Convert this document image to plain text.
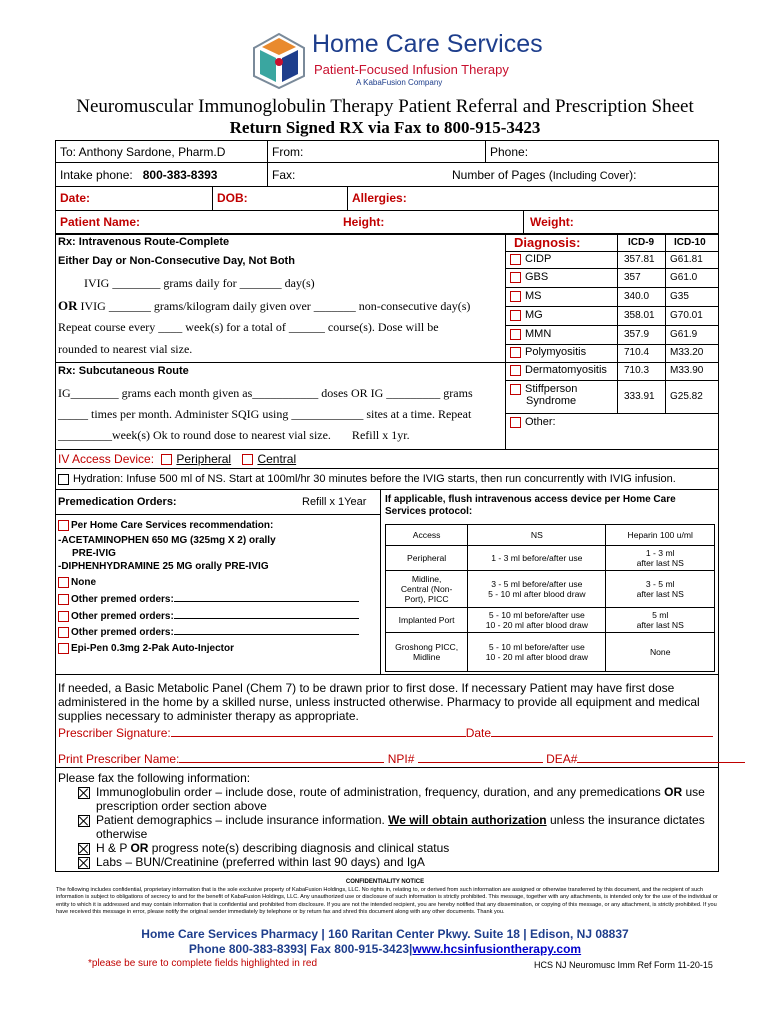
Home Care Services
Patient-Focused Infusion Therapy
A KabaFusion Company
Neuromuscular Immunoglobulin Therapy Patient Referral and Prescription Sheet
Return Signed RX via Fax to 800-915-3423
To: Anthony Sardone, Pharm.D	From:	Phone:
Intake phone: 800-383-8393	Fax:	Number of Pages (Including Cover):
Date:	DOB:	Allergies:
Patient Name:	Height:	Weight:
Rx: Intravenous Route-Complete
Either Day or Non-Consecutive Day, Not Both
IVIG ________ grams daily for _______ day(s)
OR IVIG _______ grams/kilogram daily given over _______ non-consecutive day(s)
Repeat course every ____ week(s) for a total of ______ course(s). Dose will be
rounded to nearest vial size.
Rx: Subcutaneous Route
IG________ grams each month given as___________ doses OR IG _________ grams
_____ times per month. Administer SQIG using ____________ sites at a time. Repeat
_________week(s) Ok to round dose to nearest vial size.       Refill x 1yr.
Diagnosis:	ICD-9 ICD-10
CIDP	357.81 G61.81
GBS	357	G61.0
MS	340.0 G35
MG	358.01 G70.01
MMN	357.9 G61.9
Polymyositis	710.4 M33.20
Dermatomyositis 710.3 M33.90
Stiffperson
Syndrome	333.91 G25.82
Other:
IV Access Device: Peripheral Central
Hydration: Infuse 500 ml of NS. Start at 100ml/hr 30 minutes before the IVIG starts, then run concurrently with IVIG infusion.
Premedication Orders:	Refill x 1Year
Per Home Care Services recommendation:
-ACETAMINOPHEN 650 MG (325mg X 2) orally
PRE-IVIG
-DIPHENHYDRAMINE 25 MG orally PRE-IVIG
None
Other premed orders:
Other premed orders:
Other premed orders:
Epi-Pen 0.3mg 2-Pak Auto-Injector
If applicable, flush intravenous access device per Home Care Services protocol:
Access	NS	Heparin 100 u/ml
Peripheral	1 - 3 ml before/after use	1 - 3 ml
after last NS
Midline,
Central (Non-
Port), PICC	3 - 5 ml before/after use
5 - 10 ml after blood draw	3 - 5 ml
after last NS
Implanted Port	5 - 10 ml before/after use
10 - 20 ml after blood draw	5 ml
after last NS
Groshong PICC,
Midline	5 - 10 ml before/after use
10 - 20 ml after blood draw	None
If needed, a Basic Metabolic Panel (Chem 7) to be drawn prior to first dose. If necessary Patient may have first dose administered in the home by a skilled nurse, unless instructed otherwise. Pharmacy to provide all equipment and medical supplies necessary to administer therapy as appropriate.
Prescriber Signature:	Date
Print Prescriber Name:	NPI#	DEA#
Please fax the following information:
Immunoglobulin order – include dose, route of administration, frequency, duration, and any premedications OR use
prescription order section above
Patient demographics – include insurance information. We will obtain authorization unless the insurance dictates
otherwise
H & P OR progress note(s) describing diagnosis and clinical status
Labs – BUN/Creatinine (preferred within last 90 days) and IgA
CONFIDENTIALITY NOTICE
The following includes confidential, proprietary information that is the sole exclusive property of KabaFusion Holdings, LLC. No rights in, relating to, or derived from such information are assigned or otherwise transferred by this document, and the recipient of such information is subject to obligations of secrecy to and for the benefit of KabaFusion Holdings, LLC. Any unauthorized use or disclosure of such information is strictly prohibited. This message, together with any attachments, is intended only for the use of the individual or entity to which it is addressed and may contain information that is confidential and prohibited from disclosure. If you are not the intended recipient, you are hereby notified that any dissemination, or copying of this message, or any attachment, is strictly prohibited. If you have received this message in error, please notify the original sender immediately by telephone or by return fax and shred this document along with any other documents. Thank you.
Home Care Services Pharmacy | 160 Raritan Center Pkwy. Suite 18 | Edison, NJ 08837
Phone 800-383-8393| Fax 800-915-3423|www.hcsinfusiontherapy.com
*please be sure to complete fields highlighted in red	HCS NJ Neuromusc Imm Ref Form 11-20-15
